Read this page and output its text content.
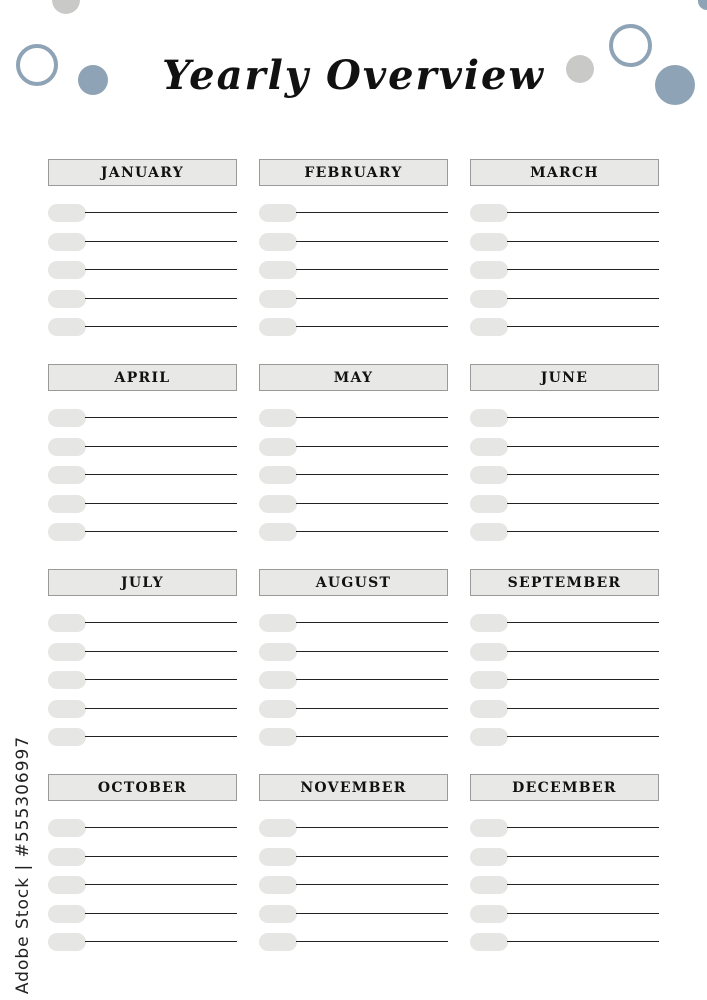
Yearly Overview
JANUARY	FEBRUARY	MARCH
APRIL	MAY	JUNE
JULY	AUGUST	SEPTEMBER
OCTOBER	NOVEMBER	DECEMBER
Adobe Stock | #555306997
